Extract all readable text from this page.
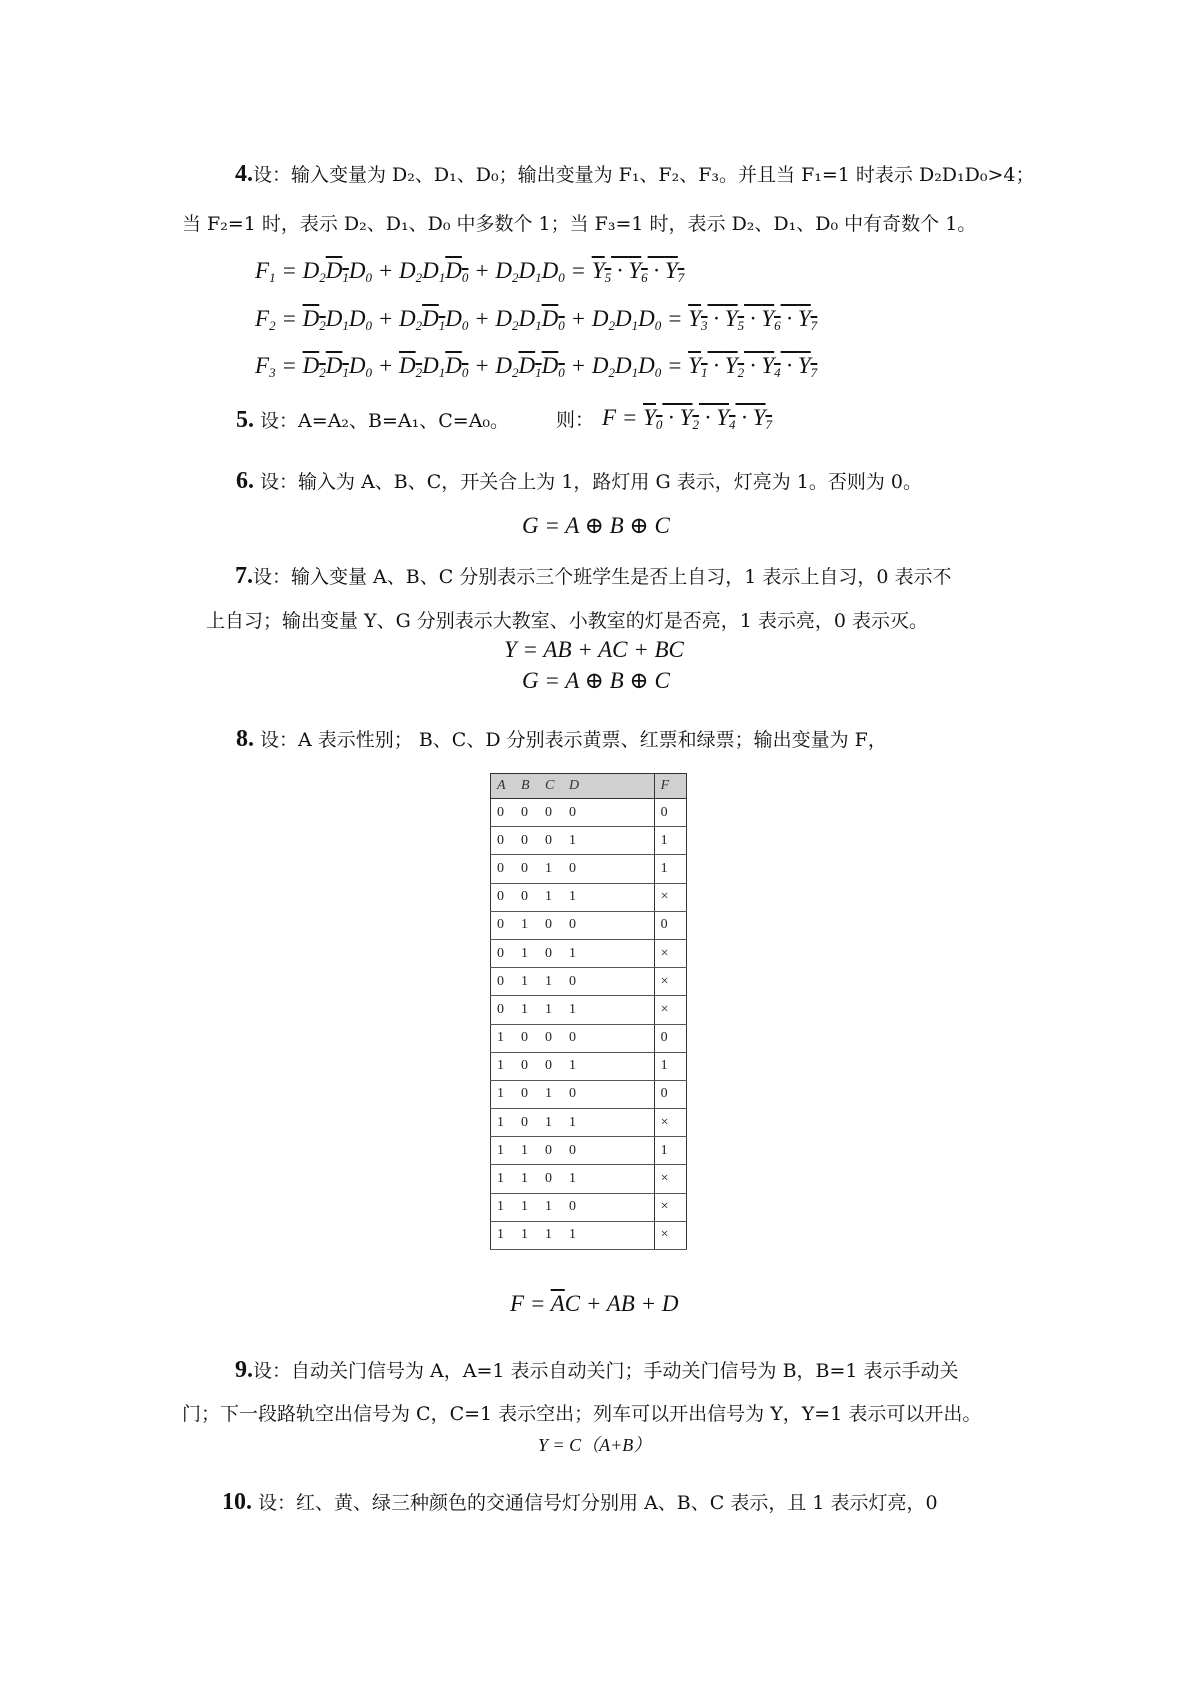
4.设：输入变量为 D₂、D₁、D₀；输出变量为 F₁、F₂、F₃。并且当 F₁=1 时表示 D₂D₁D₀>4；
当 F₂=1 时，表示 D₂、D₁、D₀ 中多数个 1；当 F₃=1 时，表示 D₂、D₁、D₀ 中有奇数个 1。
$F_1 = D_2D_1D_0 + D_2D_1D_0 + D_2D_1D_0 = Y_5 \cdot Y_6 \cdot Y_7$
$F_2 = D_2D_1D_0 + D_2D_1D_0 + D_2D_1D_0 + D_2D_1D_0 = Y_3 \cdot Y_5 \cdot Y_6 \cdot Y_7$
$F_3 = D_2D_1D_0 + D_2D_1D_0 + D_2D_1D_0 + D_2D_1D_0 = Y_1 \cdot Y_2 \cdot Y_4 \cdot Y_7$
5. 设：A=A₂、B=A₁、C=A₀。 则： $F = Y_0 \cdot Y_2 \cdot Y_4 \cdot Y_7$
6. 设：输入为 A、B、C，开关合上为 1，路灯用 G 表示，灯亮为 1。否则为 0。
G = A ⊕ B ⊕ C
7.设：输入变量 A、B、C 分别表示三个班学生是否上自习，1 表示上自习，0 表示不
上自习；输出变量 Y、G 分别表示大教室、小教室的灯是否亮，1 表示亮，0 表示灭。
Y = AB + AC + BC
G = A ⊕ B ⊕ C
8. 设：A 表示性别； B、C、D 分别表示黄票、红票和绿票；输出变量为 F，
A B C D	F
0 0 0 0	0
0 0 0 1	1
0 0 1 0	1
0 0 1 1	×
0 1 0 0	0
0 1 0 1	×
0 1 1 0	×
0 1 1 1	×
1 0 0 0	0
1 0 0 1	1
1 0 1 0	0
1 0 1 1	×
1 1 0 0	1
1 1 0 1	×
1 1 1 0	×
1 1 1 1	×
$F = \overline{A}C$ + AB + D
9.设：自动关门信号为 A，A=1 表示自动关门；手动关门信号为 B，B=1 表示手动关
门；下一段路轨空出信号为 C，C=1 表示空出；列车可以开出信号为 Y，Y=1 表示可以开出。
Y = C（A+B）
10. 设：红、黄、绿三种颜色的交通信号灯分别用 A、B、C 表示，且 1 表示灯亮，0
